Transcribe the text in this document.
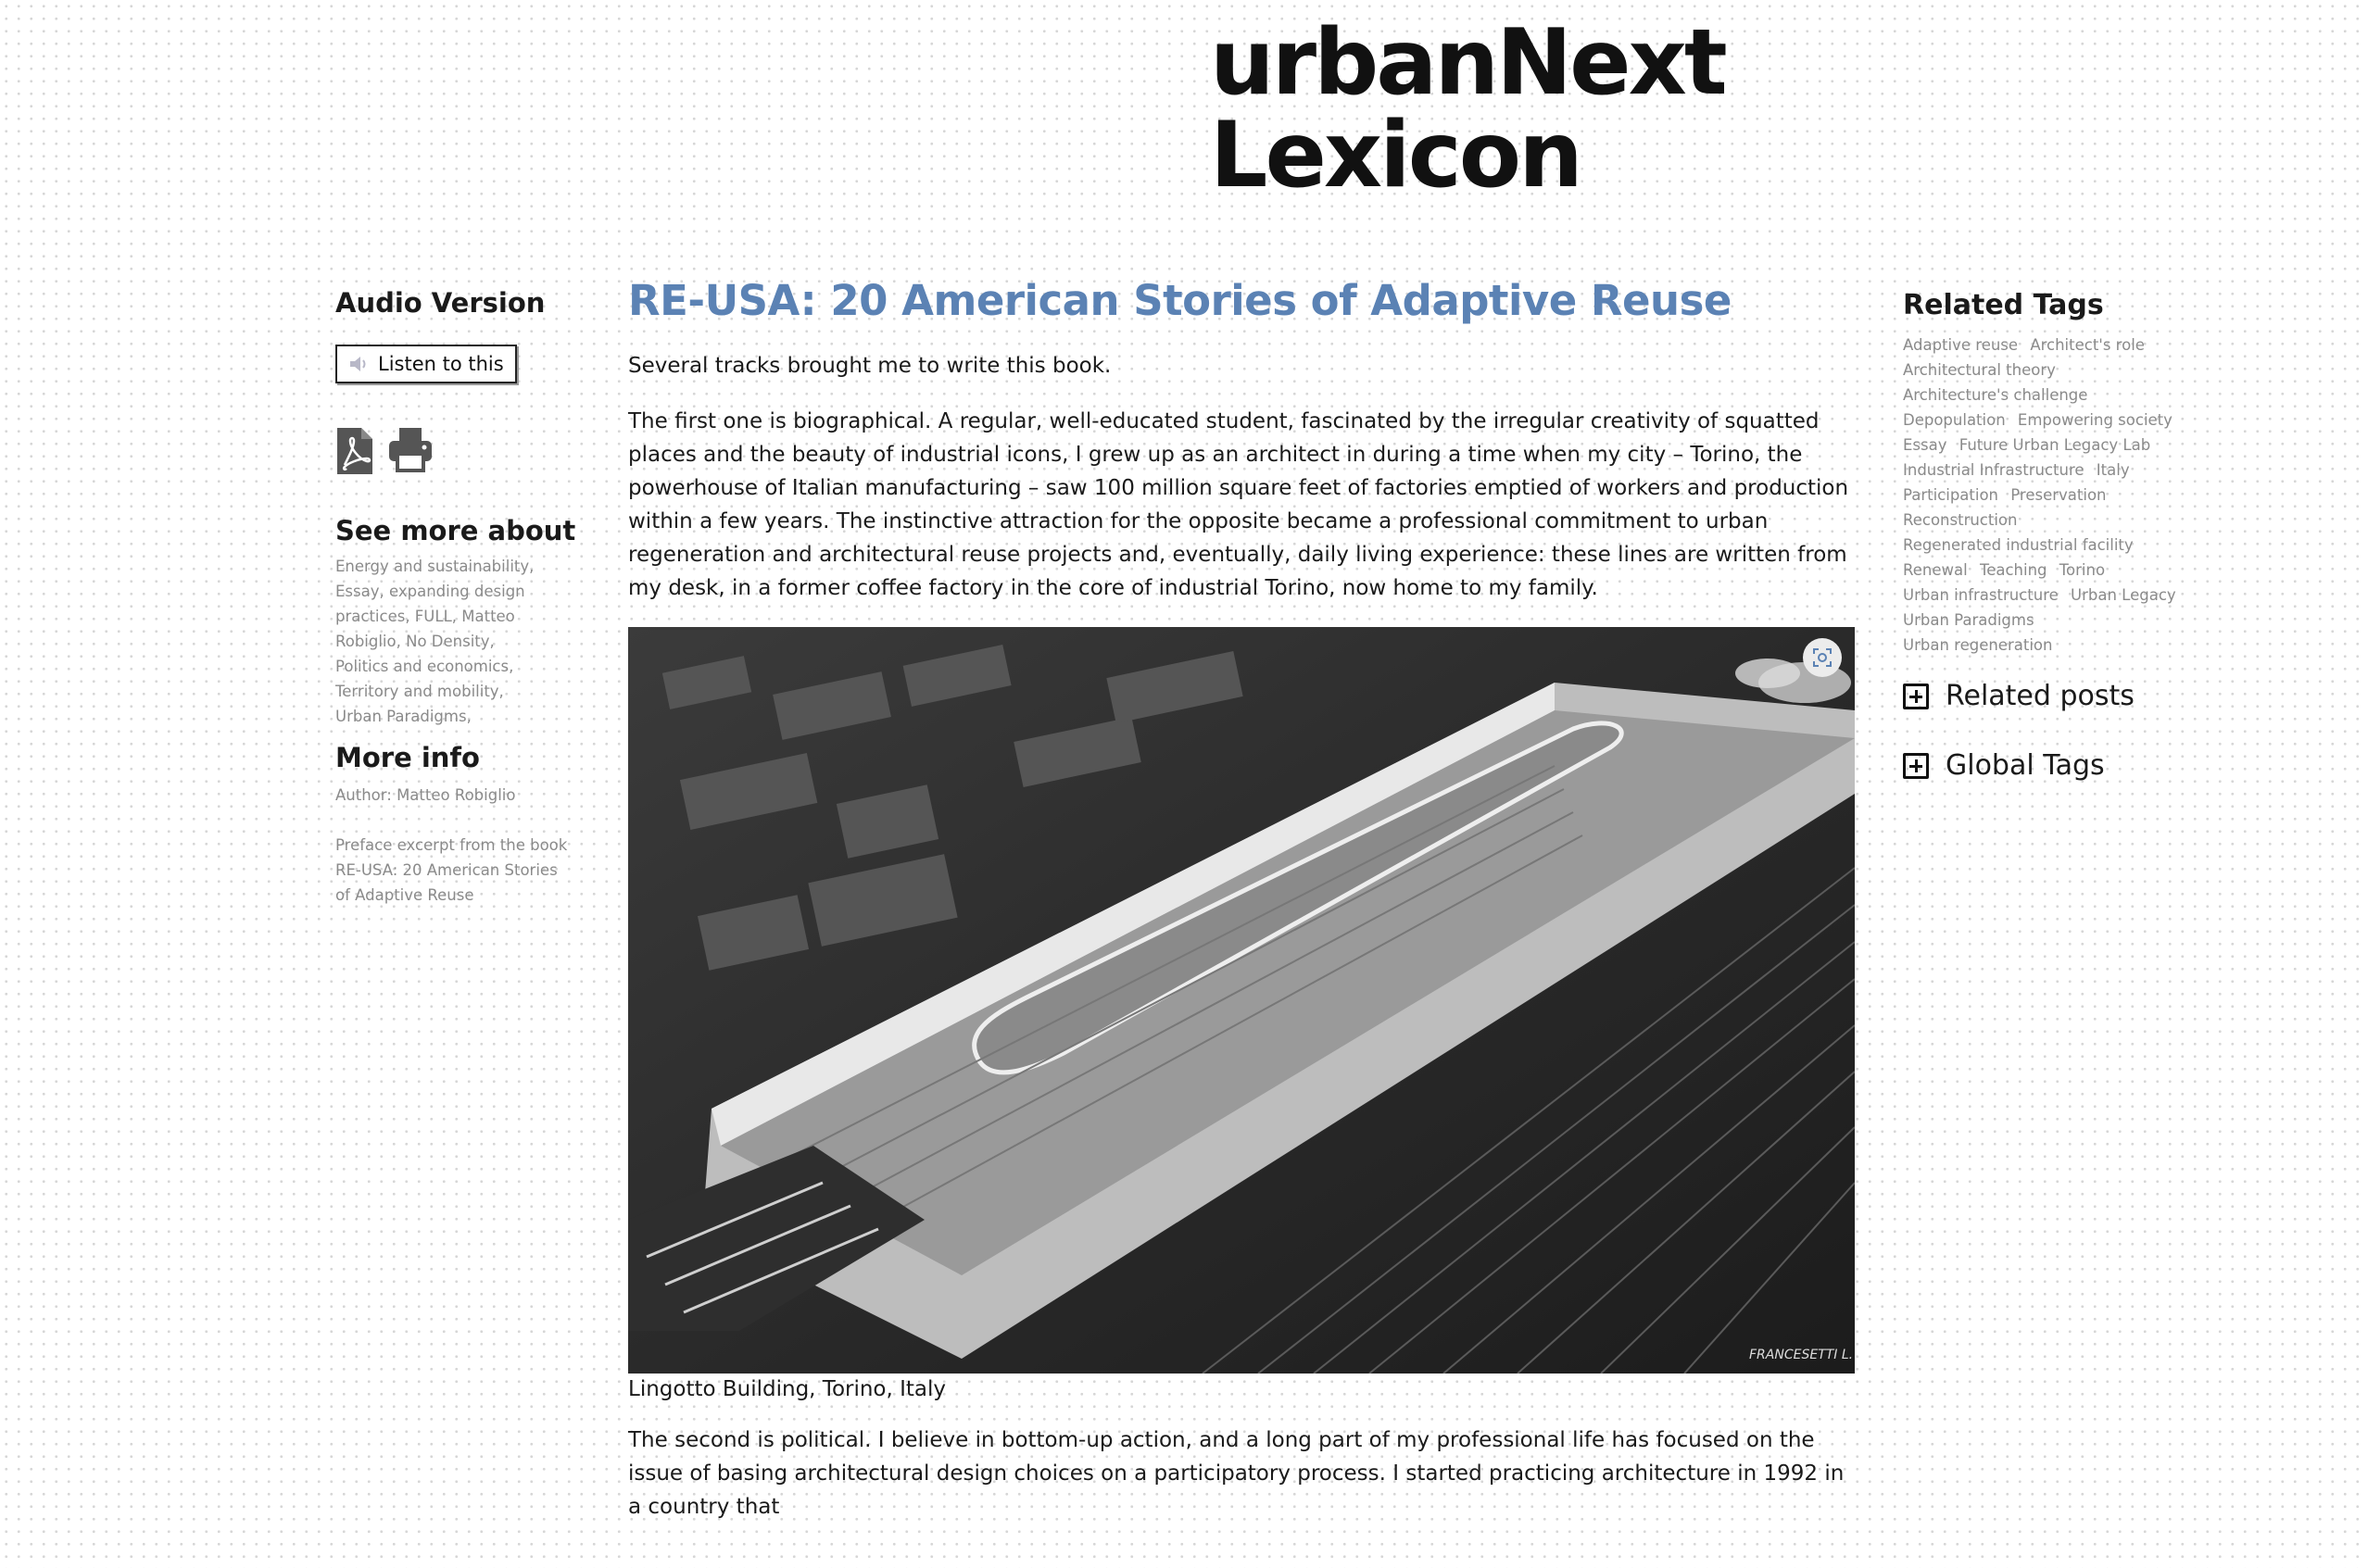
urbanNext
Lexicon
Audio Version
Listen to this
See more about
Energy and sustainability,
Essay, expanding design
practices, FULL, Matteo
Robiglio, No Density,
Politics and economics,
Territory and mobility,
Urban Paradigms,
More info
Author: Matteo Robiglio
Preface excerpt from the book
RE-USA: 20 American Stories
of Adaptive Reuse
RE-USA: 20 American Stories of Adaptive Reuse

Several tracks brought me to write this book.

The first one is biographical. A regular, well-educated student, fascinated by the irregular creativity of squatted places and the beauty of industrial icons, I grew up as an architect in during a time when my city – Torino, the powerhouse of Italian manufacturing – saw 100 million square feet of factories emptied of workers and production within a few years. The instinctive attraction for the opposite became a professional commitment to urban regeneration and architectural reuse projects and, eventually, daily living experience: these lines are written from my desk, in a former coffee factory in the core of industrial Torino, now home to my family.

FRANCESETTI L.
Lingotto Building, Torino, Italy

The second is political. I believe in bottom-up action, and a long part of my professional life has focused on the issue of basing architectural design choices on a participatory process. I started practicing architecture in 1992 in a country that

Related Tags
Adaptive reuse Architect's role Architectural theory Architecture's challenge Depopulation Empowering society Essay Future Urban Legacy Lab Industrial Infrastructure Italy Participation Preservation Reconstruction Regenerated industrial facility Renewal Teaching Torino Urban infrastructure Urban Legacy Urban Paradigms Urban regeneration
Related posts
Global Tags
